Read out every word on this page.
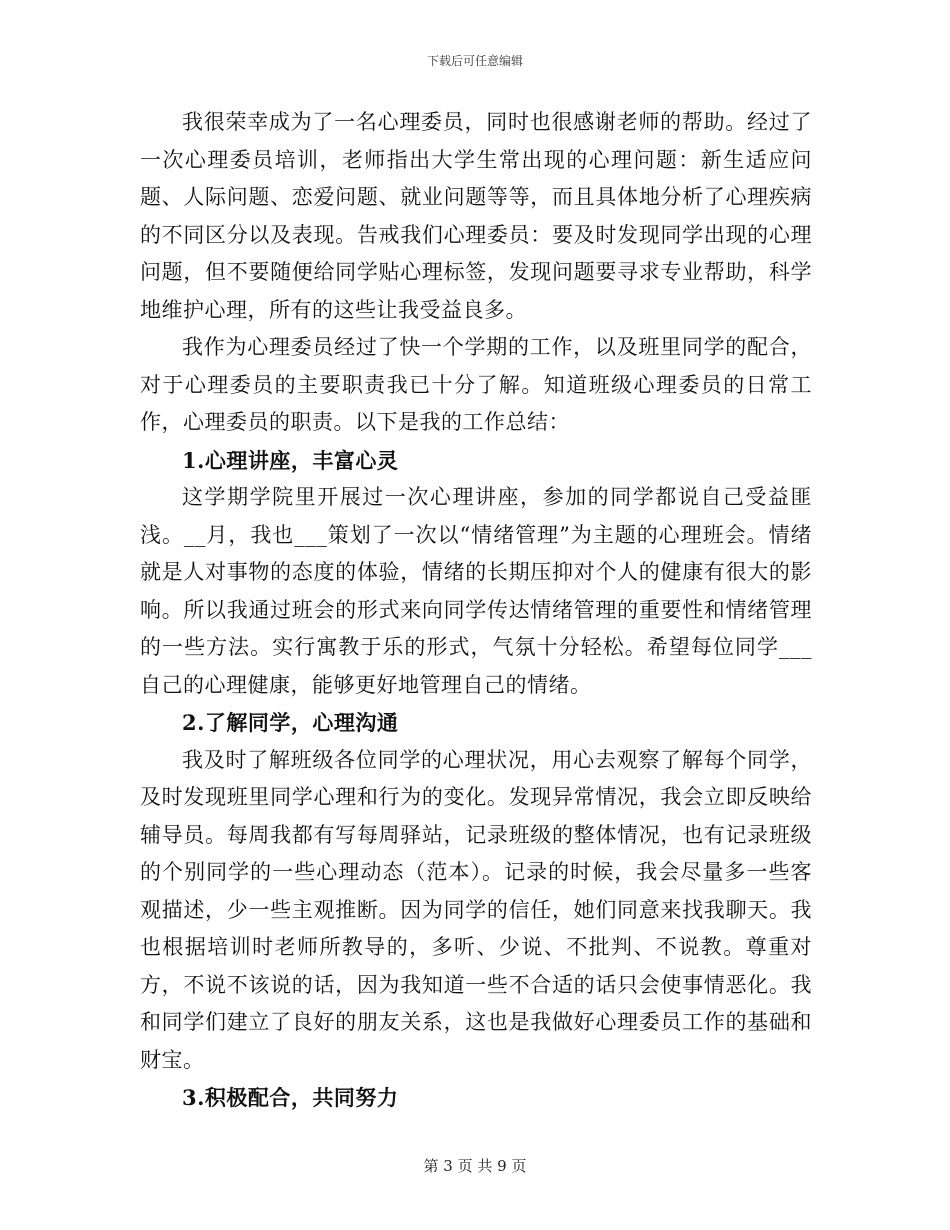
下载后可任意编辑

我很荣幸成为了一名心理委员，同时也很感谢老师的帮助。经过了一次心理委员培训，老师指出大学生常出现的心理问题：新生适应问题、人际问题、恋爱问题、就业问题等等，而且具体地分析了心理疾病的不同区分以及表现。告戒我们心理委员：要及时发现同学出现的心理问题，但不要随便给同学贴心理标签，发现问题要寻求专业帮助，科学地维护心理，所有的这些让我受益良多。

我作为心理委员经过了快一个学期的工作，以及班里同学的配合，对于心理委员的主要职责我已十分了解。知道班级心理委员的日常工作，心理委员的职责。以下是我的工作总结：

1.心理讲座，丰富心灵

这学期学院里开展过一次心理讲座，参加的同学都说自己受益匪浅。__月，我也___策划了一次以“情绪管理”为主题的心理班会。情绪就是人对事物的态度的体验，情绪的长期压抑对个人的健康有很大的影响。所以我通过班会的形式来向同学传达情绪管理的重要性和情绪管理的一些方法。实行寓教于乐的形式，气氛十分轻松。希望每位同学___自己的心理健康，能够更好地管理自己的情绪。

2.了解同学，心理沟通

我及时了解班级各位同学的心理状况，用心去观察了解每个同学，及时发现班里同学心理和行为的变化。发现异常情况，我会立即反映给辅导员。每周我都有写每周驿站，记录班级的整体情况，也有记录班级的个别同学的一些心理动态（范本）。记录的时候，我会尽量多一些客观描述，少一些主观推断。因为同学的信任，她们同意来找我聊天。我也根据培训时老师所教导的，多听、少说、不批判、不说教。尊重对方，不说不该说的话，因为我知道一些不合适的话只会使事情恶化。我和同学们建立了良好的朋友关系，这也是我做好心理委员工作的基础和财宝。

3.积极配合，共同努力

第 3 页 共 9 页
